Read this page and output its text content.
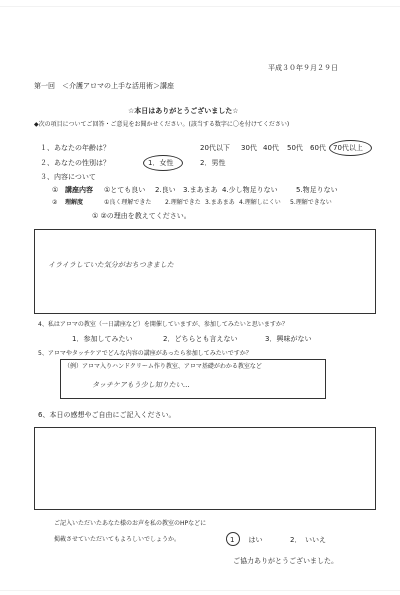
平成３０年９月２９日
第一回　＜介護アロマの上手な活用術＞講座
☆本日はありがとうございました☆
◆次の項目についてご回答・ご意見をお聞かせください。(該当する数字に〇を付けてください)
１、あなたの年齢は？	20代以下 30代 40代 50代 60代 70代以上
２、あなたの性別は？	1．女性	2．男性
３、内容について
① 講座内容 ①とても良い 2.良い 3.まあまあ 4.少し物足りない	5.物足りない
② 理解度	①良く理解できた 2.理解できた 3.まあまあ 4.理解しにくい 5.理解できない
① ②の理由を教えてください。
イライラしていた気分がおちつきました
4、私はアロマの教室（一日講座など）を開催していますが、参加してみたいと思いますか？
1．参加してみたい	2．どちらとも言えない	3．興味がない
5、アロマやタッチケアでどんな内容の講座があったら参加してみたいですか？
（例）アロマ入りハンドクリーム作り教室、アロマ基礎がわかる教室など
タッチケアもう少し知りたい…
6、本日の感想やご自由にご記入ください。
ご記入いただいたあなた様のお声を私の教室のHPなどに
掲載させていただいてもよろしいでしょうか。	1　　はい	2．　いいえ
ご協力ありがとうございました。
